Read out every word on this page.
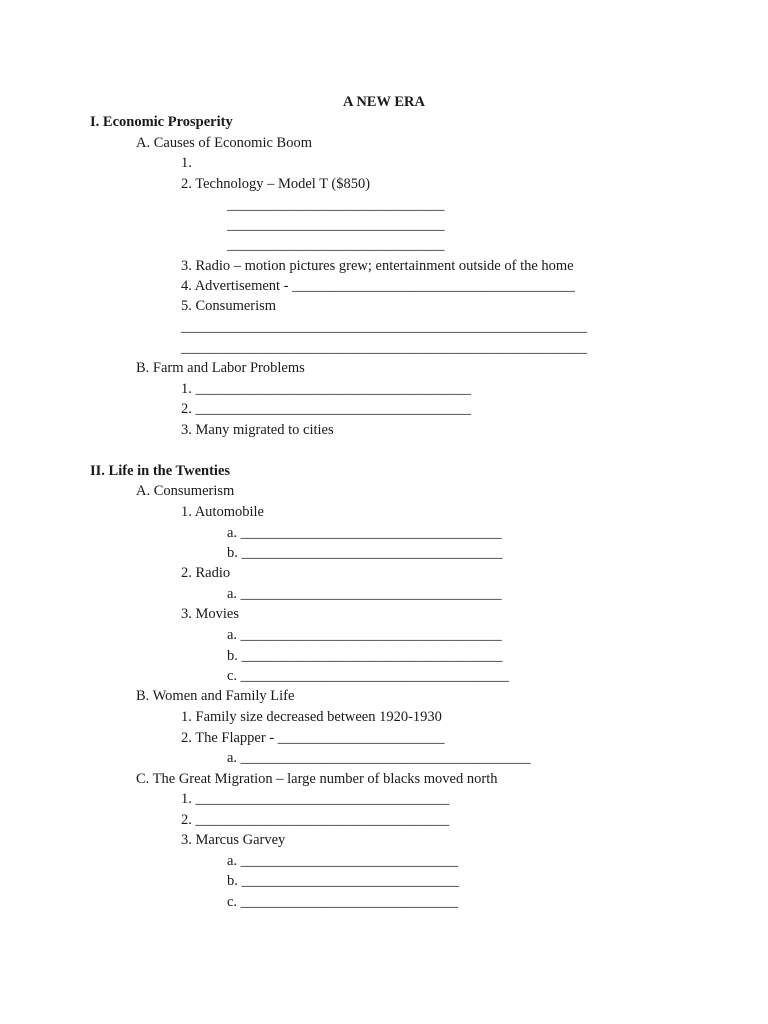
A NEW ERA
I. Economic Prosperity
A. Causes of Economic Boom
1.
2. Technology – Model T ($850)
______________________________
______________________________
______________________________
3. Radio – motion pictures grew; entertainment outside of the home
4. Advertisement - _______________________________________
5. Consumerism
________________________________________________________
________________________________________________________
B. Farm and Labor Problems
1. ______________________________________
2. ______________________________________
3. Many migrated to cities
II. Life in the Twenties
A. Consumerism
1. Automobile
a. ____________________________________
b. ____________________________________
2. Radio
a. ____________________________________
3. Movies
a. ____________________________________
b. ____________________________________
c. _____________________________________
B. Women and Family Life
1. Family size decreased between 1920-1930
2. The Flapper - _______________________
a. ________________________________________
C. The Great Migration – large number of blacks moved north
1. ___________________________________
2. ___________________________________
3. Marcus Garvey
a. ______________________________
b. ______________________________
c. ______________________________
